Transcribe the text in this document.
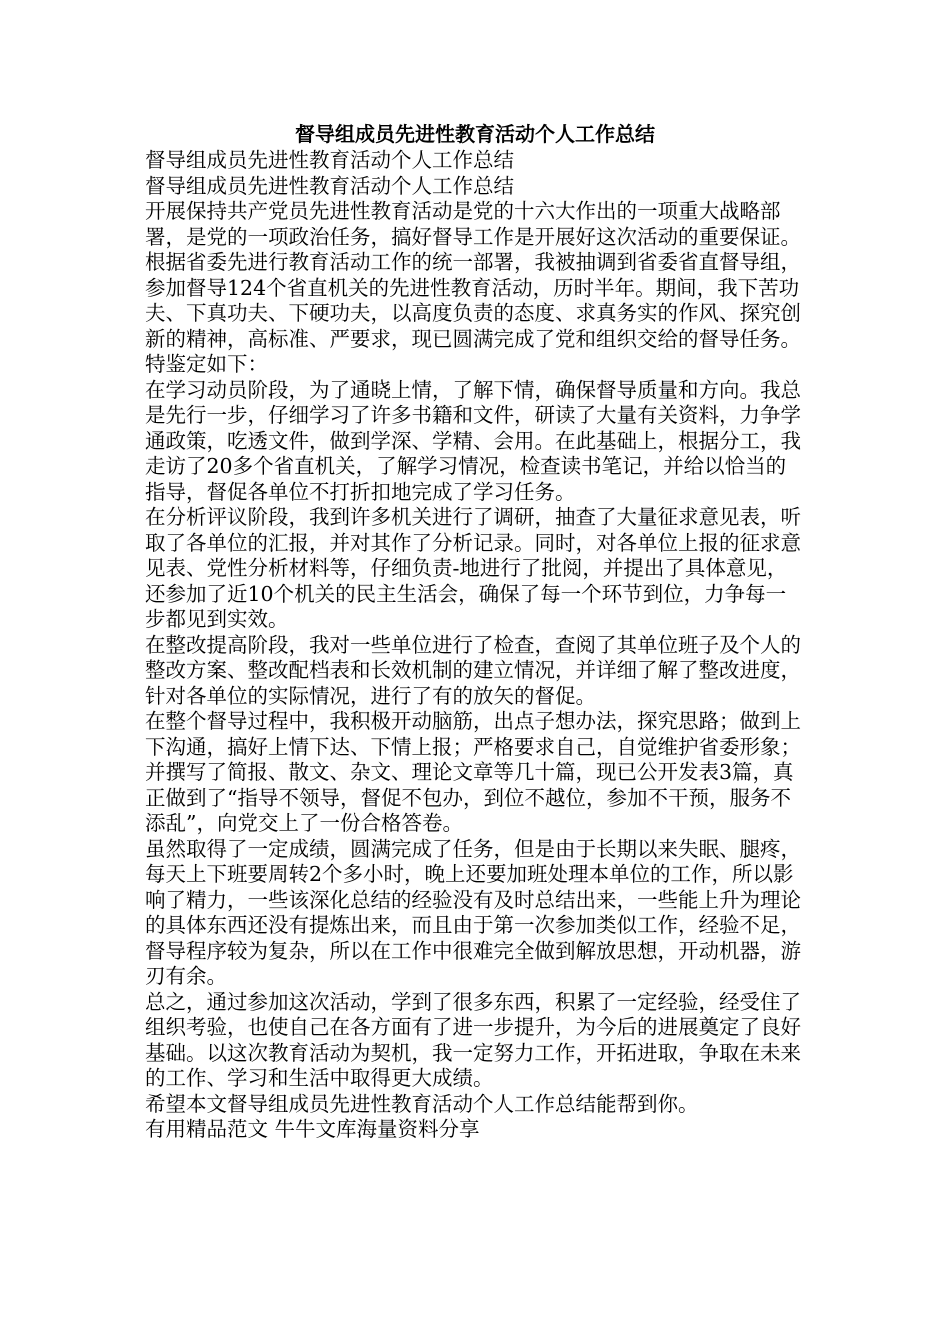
督导组成员先进性教育活动个人工作总结

督导组成员先进性教育活动个人工作总结

督导组成员先进性教育活动个人工作总结

开展保持共产党员先进性教育活动是党的十六大作出的一项重大战略部署，是党的一项政治任务，搞好督导工作是开展好这次活动的重要保证。根据省委先进行教育活动工作的统一部署，我被抽调到省委省直督导组，参加督导124个省直机关的先进性教育活动，历时半年。期间，我下苦功夫、下真功夫、下硬功夫，以高度负责的态度、求真务实的作风、探究创新的精神，高标准、严要求，现已圆满完成了党和组织交给的督导任务。特鉴定如下：

在学习动员阶段，为了通晓上情，了解下情，确保督导质量和方向。我总是先行一步，仔细学习了许多书籍和文件，研读了大量有关资料，力争学通政策，吃透文件，做到学深、学精、会用。在此基础上，根据分工，我走访了20多个省直机关，了解学习情况，检查读书笔记，并给以恰当的指导，督促各单位不打折扣地完成了学习任务。

在分析评议阶段，我到许多机关进行了调研，抽查了大量征求意见表，听取了各单位的汇报，并对其作了分析记录。同时，对各单位上报的征求意见表、党性分析材料等，仔细负责-地进行了批阅，并提出了具体意见，还参加了近10个机关的民主生活会，确保了每一个环节到位，力争每一步都见到实效。

在整改提高阶段，我对一些单位进行了检查，查阅了其单位班子及个人的整改方案、整改配档表和长效机制的建立情况，并详细了解了整改进度，针对各单位的实际情况，进行了有的放矢的督促。

在整个督导过程中，我积极开动脑筋，出点子想办法，探究思路；做到上下沟通，搞好上情下达、下情上报；严格要求自己，自觉维护省委形象；并撰写了简报、散文、杂文、理论文章等几十篇，现已公开发表3篇，真正做到了“指导不领导，督促不包办，到位不越位，参加不干预，服务不添乱”，向党交上了一份合格答卷。

虽然取得了一定成绩，圆满完成了任务，但是由于长期以来失眠、腿疼，每天上下班要周转2个多小时，晚上还要加班处理本单位的工作，所以影响了精力，一些该深化总结的经验没有及时总结出来，一些能上升为理论的具体东西还没有提炼出来，而且由于第一次参加类似工作，经验不足，督导程序较为复杂，所以在工作中很难完全做到解放思想，开动机器，游刃有余。

总之，通过参加这次活动，学到了很多东西，积累了一定经验，经受住了组织考验，也使自己在各方面有了进一步提升，为今后的进展奠定了良好基础。以这次教育活动为契机，我一定努力工作，开拓进取，争取在未来的工作、学习和生活中取得更大成绩。

希望本文督导组成员先进性教育活动个人工作总结能帮到你。

有用精品范文 牛牛文库海量资料分享
